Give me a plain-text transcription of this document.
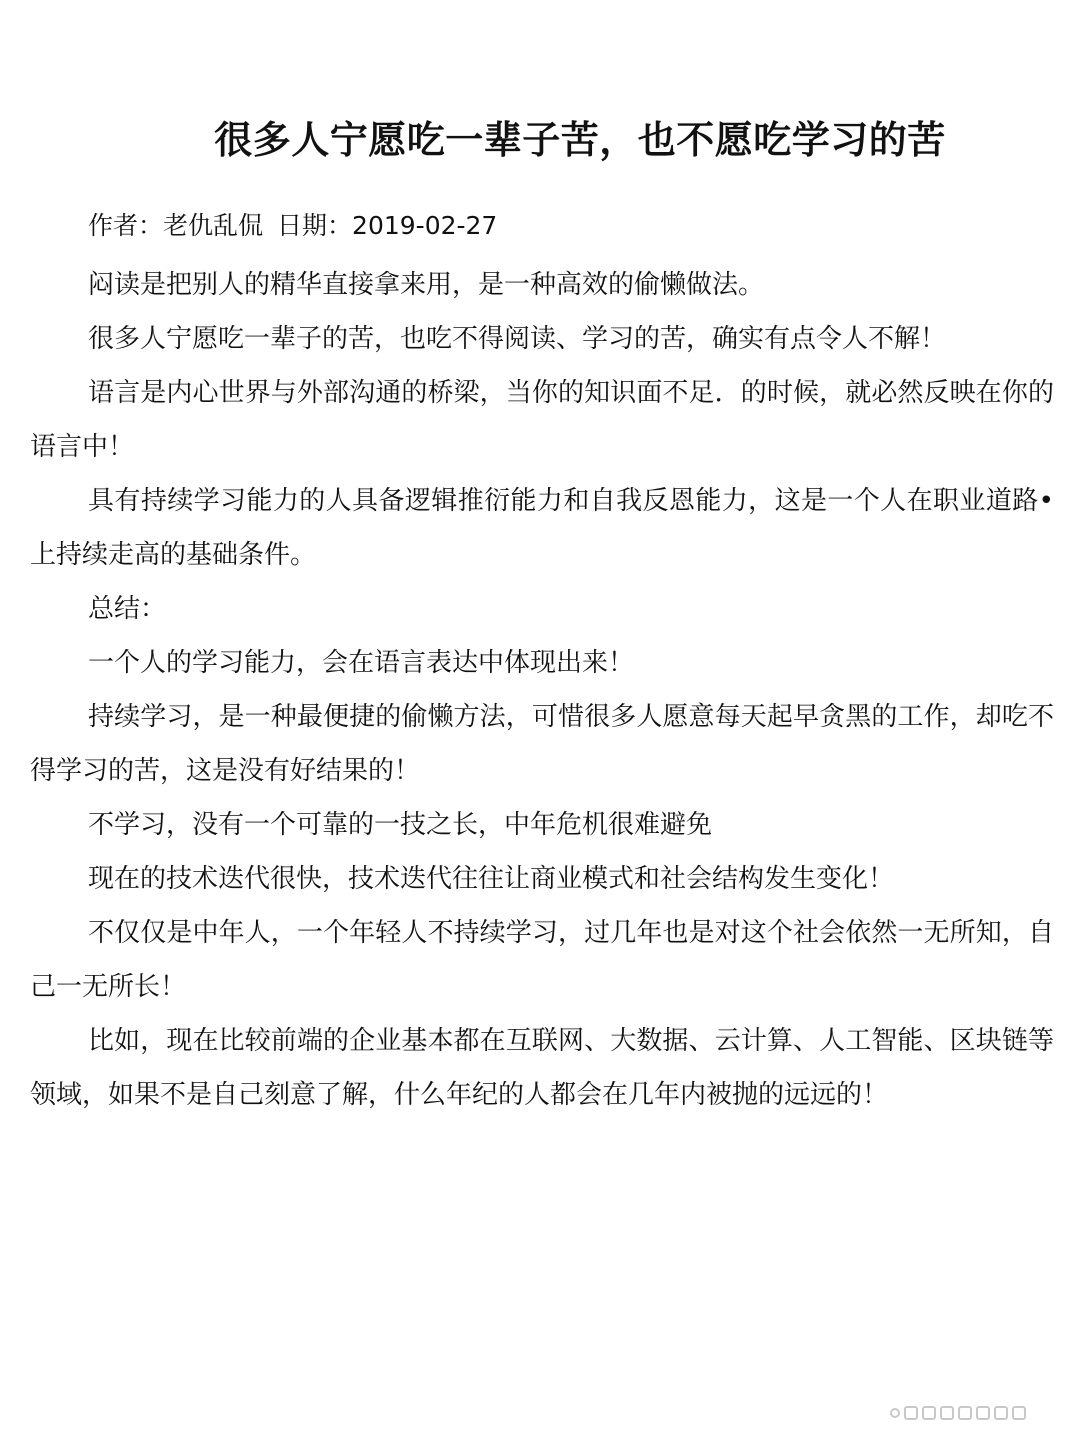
很多人宁愿吃一辈子苦，也不愿吃学习的苦
作者：老仇乱侃 日期：2019-02-27

闷读是把别人的精华直接拿来用，是一种高效的偷懒做法。

很多人宁愿吃一辈子的苦，也吃不得阅读、学习的苦，确实有点令人不解！

语言是内心世界与外部沟通的桥梁，当你的知识面不足．的时候，就必然反映在你的语言中！

具有持续学习能力的人具备逻辑推衍能力和自我反恩能力，这是一个人在职业道路•上持续走高的基础条件。

总结：

一个人的学习能力，会在语言表达中体现出来！

持续学习，是一种最便捷的偷懒方法，可惜很多人愿意每天起早贪黑的工作，却吃不得学习的苦，这是没有好结果的！

不学习，没有一个可靠的一技之长，中年危机很难避免

现在的技术迭代很快，技术迭代往往让商业模式和社会结构发生变化！

不仅仅是中年人，一个年轻人不持续学习，过几年也是对这个社会依然一无所知，自己一无所长！

比如，现在比较前端的企业基本都在互联网、大数据、云计算、人工智能、区块链等领域，如果不是自己刻意了解，什么年纪的人都会在几年内被抛的远远的！
